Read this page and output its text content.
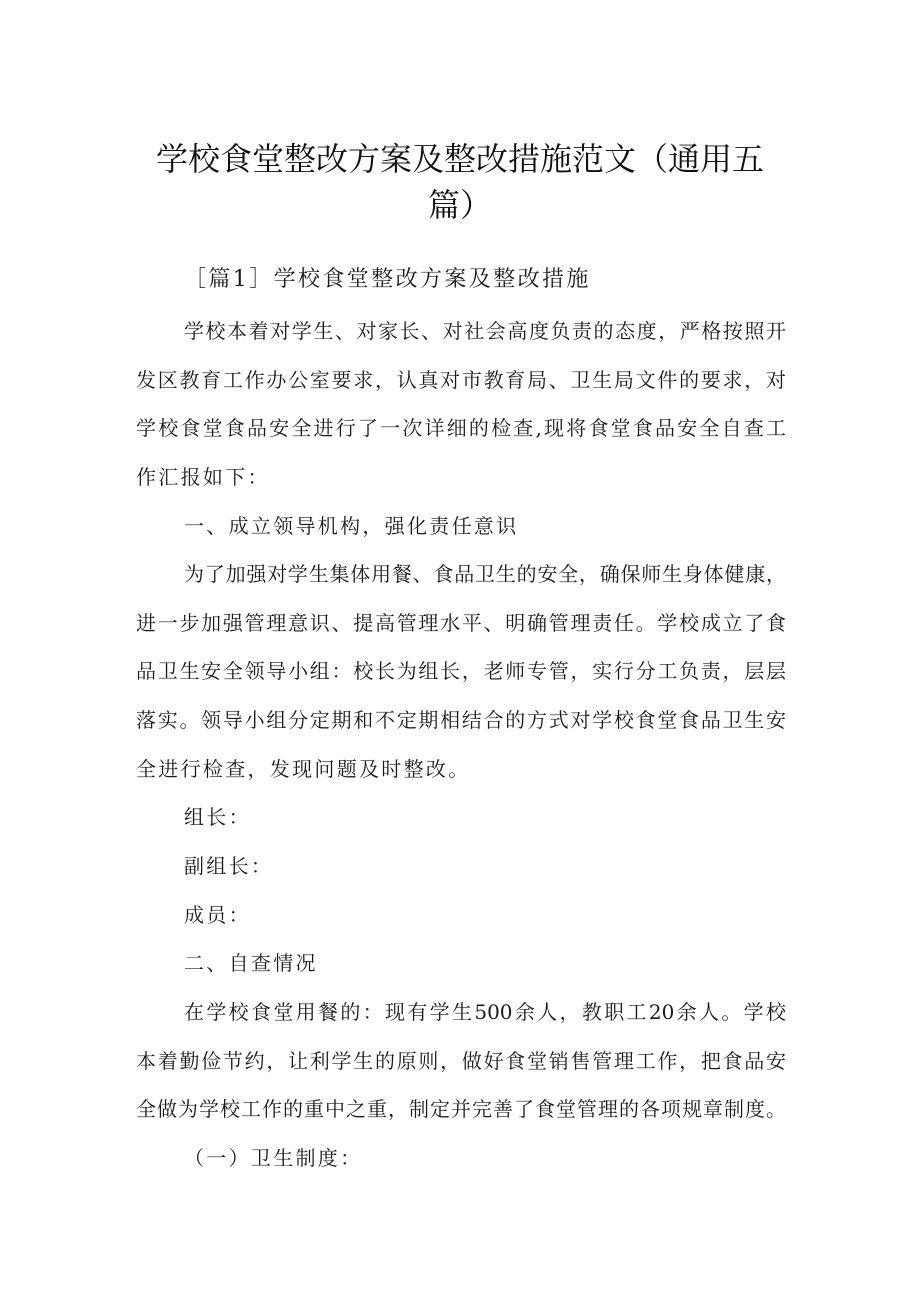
学校食堂整改方案及整改措施范文（通用五
篇）
［篇1］学校食堂整改方案及整改措施
学校本着对学生、对家长、对社会高度负责的态度，严格按照开
发区教育工作办公室要求，认真对市教育局、卫生局文件的要求，对
学校食堂食品安全进行了一次详细的检查,现将食堂食品安全自查工
作汇报如下：
一、成立领导机构，强化责任意识
为了加强对学生集体用餐、食品卫生的安全，确保师生身体健康，
进一步加强管理意识、提高管理水平、明确管理责任。学校成立了食
品卫生安全领导小组：校长为组长，老师专管，实行分工负责，层层
落实。领导小组分定期和不定期相结合的方式对学校食堂食品卫生安
全进行检查，发现问题及时整改。
组长：
副组长：
成员：
二、自查情况
在学校食堂用餐的：现有学生500余人，教职工20余人。学校
本着勤俭节约，让利学生的原则，做好食堂销售管理工作，把食品安
全做为学校工作的重中之重，制定并完善了食堂管理的各项规章制度。
（一）卫生制度：
